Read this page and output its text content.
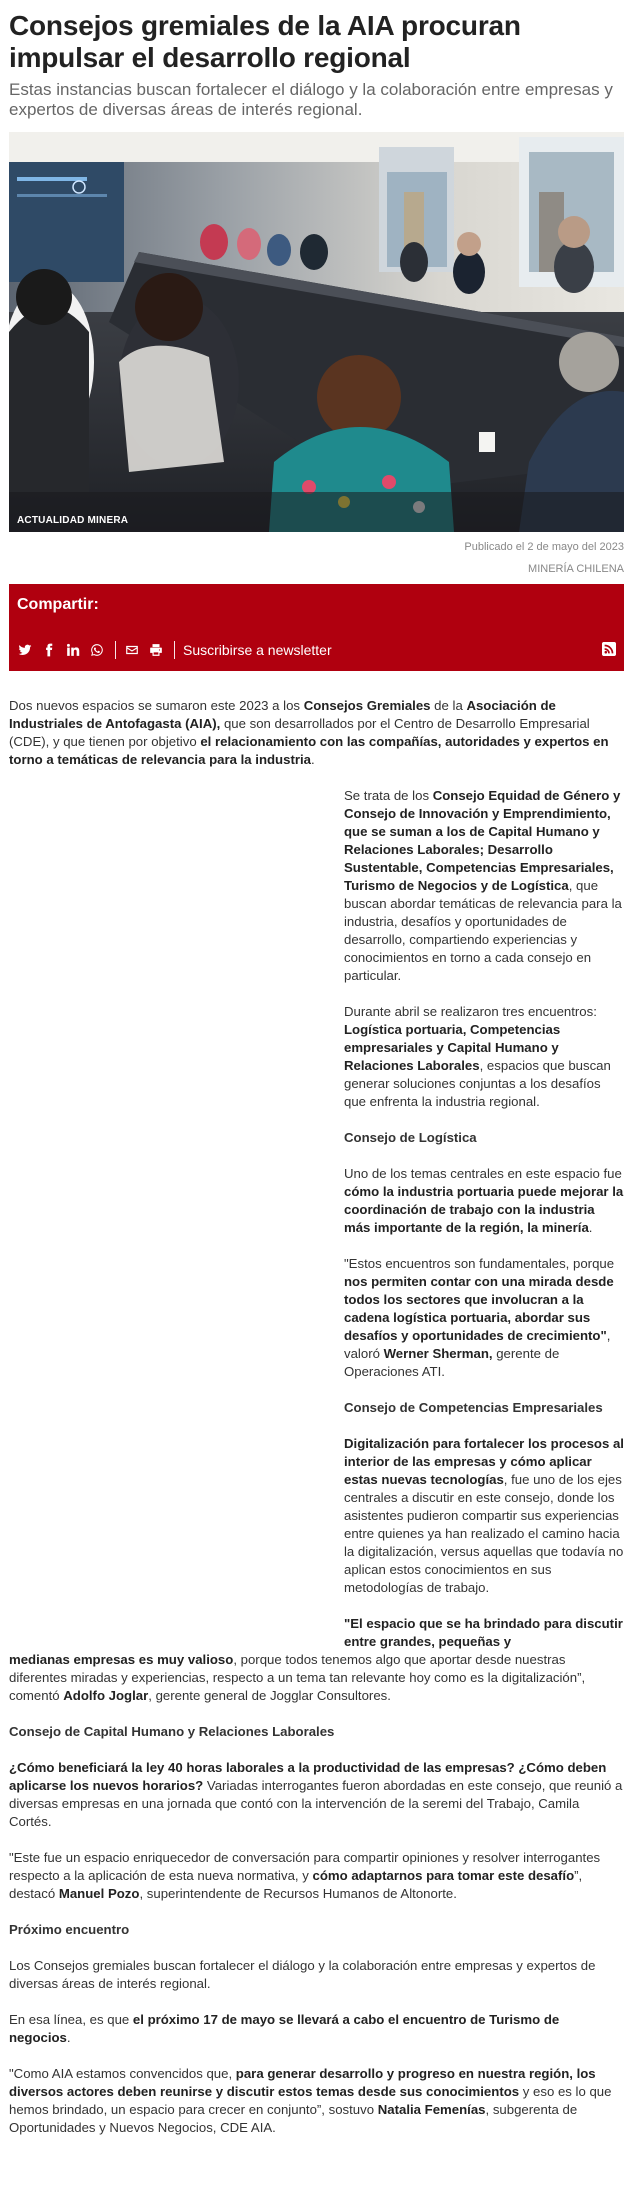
Consejos gremiales de la AIA procuran impulsar el desarrollo regional
Estas instancias buscan fortalecer el diálogo y la colaboración entre empresas y expertos de diversas áreas de interés regional.
ACTUALIDAD MINERA
Publicado el 2 de mayo del 2023
MINERÍA CHILENA
Compartir:
Suscribirse a newsletter

Dos nuevos espacios se sumaron este 2023 a los Consejos Gremiales de la Asociación de Industriales de Antofagasta (AIA), que son desarrollados por el Centro de Desarrollo Empresarial (CDE), y que tienen por objetivo el relacionamiento con las compañías, autoridades y expertos en torno a temáticas de relevancia para la industria.

Se trata de los Consejo Equidad de Género y Consejo de Innovación y Emprendimiento, que se suman a los de Capital Humano y Relaciones Laborales; Desarrollo Sustentable, Competencias Empresariales, Turismo de Negocios y de Logística, que buscan abordar temáticas de relevancia para la industria, desafíos y oportunidades de desarrollo, compartiendo experiencias y conocimientos en torno a cada consejo en particular.

Durante abril se realizaron tres encuentros: Logística portuaria, Competencias empresariales y Capital Humano y Relaciones Laborales, espacios que buscan generar soluciones conjuntas a los desafíos que enfrenta la industria regional.

Consejo de Logística

Uno de los temas centrales en este espacio fue cómo la industria portuaria puede mejorar la coordinación de trabajo con la industria más importante de la región, la minería.

"Estos encuentros son fundamentales, porque nos permiten contar con una mirada desde todos los sectores que involucran a la cadena logística portuaria, abordar sus desafíos y oportunidades de crecimiento", valoró Werner Sherman, gerente de Operaciones ATI.

Consejo de Competencias Empresariales

Digitalización para fortalecer los procesos al interior de las empresas y cómo aplicar estas nuevas tecnologías, fue uno de los ejes centrales a discutir en este consejo, donde los asistentes pudieron compartir sus experiencias entre quienes ya han realizado el camino hacia la digitalización, versus aquellas que todavía no aplican estos conocimientos en sus metodologías de trabajo.

"El espacio que se ha brindado para discutir entre grandes, pequeñas y

medianas empresas es muy valioso, porque todos tenemos algo que aportar desde nuestras diferentes miradas y experiencias, respecto a un tema tan relevante hoy como es la digitalización”, comentó Adolfo Joglar, gerente general de Jogglar Consultores.

Consejo de Capital Humano y Relaciones Laborales

¿Cómo beneficiará la ley 40 horas laborales a la productividad de las empresas? ¿Cómo deben aplicarse los nuevos horarios? Variadas interrogantes fueron abordadas en este consejo, que reunió a diversas empresas en una jornada que contó con la intervención de la seremi del Trabajo, Camila Cortés.

"Este fue un espacio enriquecedor de conversación para compartir opiniones y resolver interrogantes respecto a la aplicación de esta nueva normativa, y cómo adaptarnos para tomar este desafío”, destacó Manuel Pozo, superintendente de Recursos Humanos de Altonorte.

Próximo encuentro

Los Consejos gremiales buscan fortalecer el diálogo y la colaboración entre empresas y expertos de diversas áreas de interés regional.

En esa línea, es que el próximo 17 de mayo se llevará a cabo el encuentro de Turismo de negocios.

"Como AIA estamos convencidos que, para generar desarrollo y progreso en nuestra región, los diversos actores deben reunirse y discutir estos temas desde sus conocimientos y eso es lo que hemos brindado, un espacio para crecer en conjunto”, sostuvo Natalia Femenías, subgerenta de Oportunidades y Nuevos Negocios, CDE AIA.
